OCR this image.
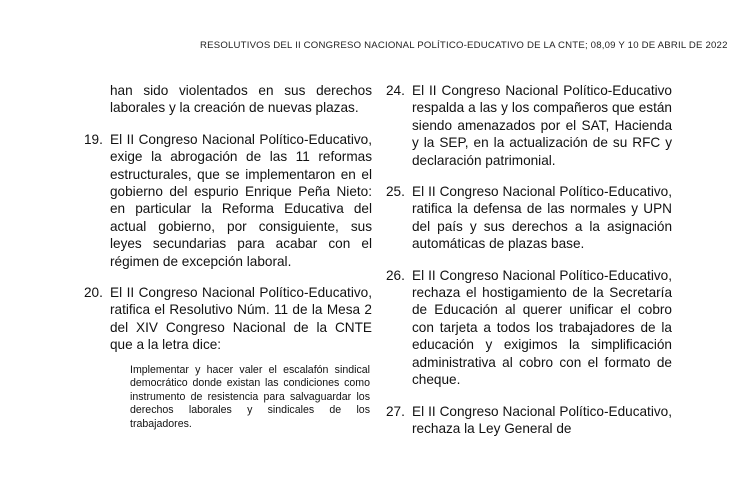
RESOLUTIVOS DEL II CONGRESO NACIONAL POLÍTICO-EDUCATIVO DE LA CNTE; 08,09 Y 10 DE ABRIL DE 2022
han sido violentados en sus derechos laborales y la creación de nuevas plazas.
19. El II Congreso Nacional Político-Educativo, exige la abrogación de las 11 reformas estructurales, que se implementaron en el gobierno del espurio Enrique Peña Nieto: en particular la Reforma Educativa del actual gobierno, por consiguiente, sus leyes secundarias para acabar con el régimen de excepción laboral.
20. El II Congreso Nacional Político-Educativo, ratifica el Resolutivo Núm. 11 de la Mesa 2 del XIV Congreso Nacional de la CNTE que a la letra dice:
Implementar y hacer valer el escalafón sindical democrático donde existan las condiciones como instrumento de resistencia para salvaguardar los derechos laborales y sindicales de los trabajadores.
24. El II Congreso Nacional Político-Educativo respalda a las y los compañeros que están siendo amenazados por el SAT, Hacienda y la SEP, en la actualización de su RFC y declaración patrimonial.
25. El II Congreso Nacional Político-Educativo, ratifica la defensa de las normales y UPN del país y sus derechos a la asignación automáticas de plazas base.
26. El II Congreso Nacional Político-Educativo, rechaza el hostigamiento de la Secretaría de Educación al querer unificar el cobro con tarjeta a todos los trabajadores de la educación y exigimos la simplificación administrativa al cobro con el formato de cheque.
27. El II Congreso Nacional Político-Educativo, rechaza la Ley General de
